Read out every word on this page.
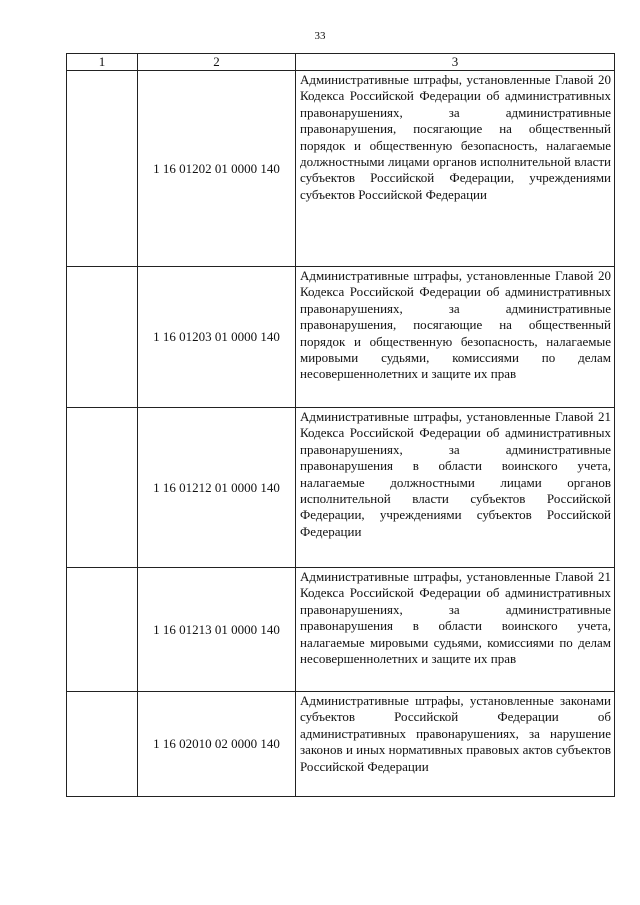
33
1	2	3
	1 16 01202 01 0000 140	Административные штрафы, установленные Главой 20 Кодекса Российской Федерации об административных правонарушениях, за административные правонарушения, посягающие на общественный порядок и общественную безопасность, налагаемые должностными лицами органов исполнительной власти субъектов Российской Федерации, учреждениями субъектов Российской Федерации
	1 16 01203 01 0000 140	Административные штрафы, установленные Главой 20 Кодекса Российской Федерации об административных правонарушениях, за административные правонарушения, посягающие на общественный порядок и общественную безопасность, налагаемые мировыми судьями, комиссиями по делам несовершеннолетних и защите их прав
	1 16 01212 01 0000 140	Административные штрафы, установленные Главой 21 Кодекса Российской Федерации об административных правонарушениях, за административные правонарушения в области воинского учета, налагаемые должностными лицами органов исполнительной власти субъектов Российской Федерации, учреждениями субъектов Российской Федерации
	1 16 01213 01 0000 140	Административные штрафы, установленные Главой 21 Кодекса Российской Федерации об административных правонарушениях, за административные правонарушения в области воинского учета, налагаемые мировыми судьями, комиссиями по делам несовершеннолетних и защите их прав
	1 16 02010 02 0000 140	Административные штрафы, установленные законами субъектов Российской Федерации об административных правонарушениях, за нарушение законов и иных нормативных правовых актов субъектов Российской Федерации
